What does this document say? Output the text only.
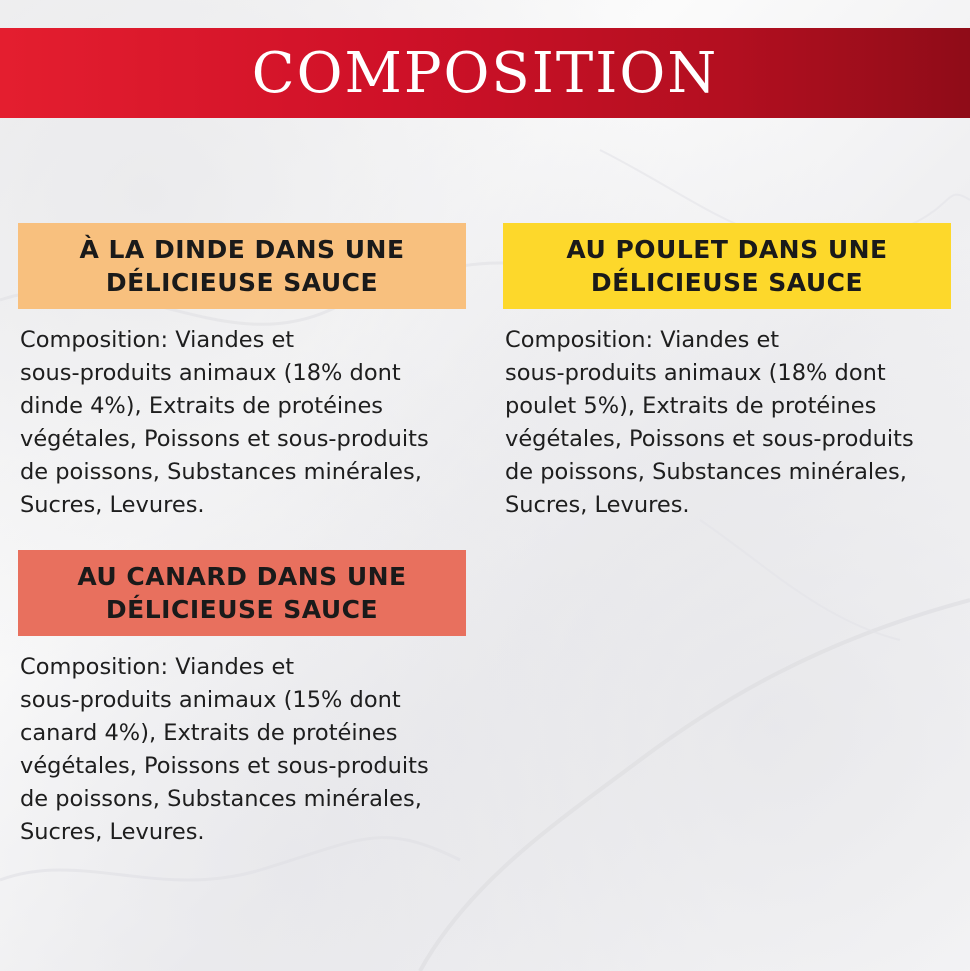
COMPOSITION
À LA DINDE DANS UNE DÉLICIEUSE SAUCE
Composition: Viandes et
sous-produits animaux (18% dont
dinde 4%), Extraits de protéines
végétales, Poissons et sous-produits
de poissons, Substances minérales,
Sucres, Levures.
AU POULET DANS UNE DÉLICIEUSE SAUCE
Composition: Viandes et
sous-produits animaux (18% dont
poulet 5%), Extraits de protéines
végétales, Poissons et sous-produits
de poissons, Substances minérales,
Sucres, Levures.
AU CANARD DANS UNE DÉLICIEUSE SAUCE
Composition: Viandes et
sous-produits animaux (15% dont
canard 4%), Extraits de protéines
végétales, Poissons et sous-produits
de poissons, Substances minérales,
Sucres, Levures.
